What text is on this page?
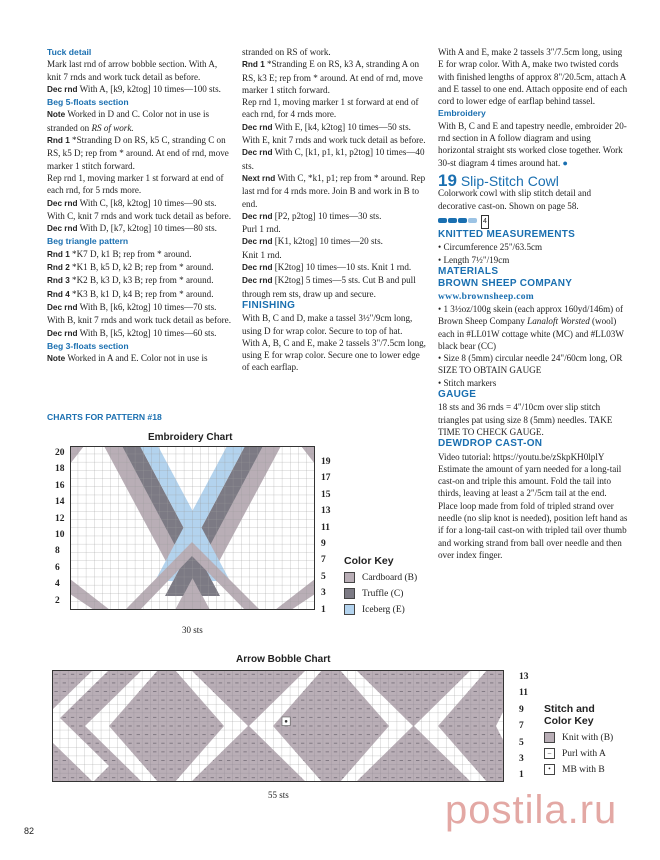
Tuck detail

Mark last rnd of arrow bobble section. With A, knit 7 rnds and work tuck detail as before.

Dec rnd With A, [k9, k2tog] 10 times—100 sts.

Beg 5-floats section

Note Worked in D and C. Color not in use is stranded on RS of work.

Rnd 1 *Stranding D on RS, k5 C, stranding C on RS, k5 D; rep from * around. At end of rnd, move marker 1 stitch forward.

Rep rnd 1, moving marker 1 st forward at end of each rnd, for 5 rnds more.

Dec rnd With C, [k8, k2tog] 10 times—90 sts. With C, knit 7 rnds and work tuck detail as before.

Dec rnd With D, [k7, k2tog] 10 times—80 sts.

Beg triangle pattern

Rnd 1 *K7 D, k1 B; rep from * around.

Rnd 2 *K1 B, k5 D, k2 B; rep from * around.

Rnd 3 *K2 B, k3 D, k3 B; rep from * around.

Rnd 4 *K3 B, k1 D, k4 B; rep from * around.

Dec rnd With B, [k6, k2tog] 10 times—70 sts. With B, knit 7 rnds and work tuck detail as before.

Dec rnd With B, [k5, k2tog] 10 times—60 sts.

Beg 3-floats section

Note Worked in A and E. Color not in use is

stranded on RS of work.

Rnd 1 *Stranding E on RS, k3 A, stranding A on RS, k3 E; rep from * around. At end of rnd, move marker 1 stitch forward.

Rep rnd 1, moving marker 1 st forward at end of each rnd, for 4 rnds more.

Dec rnd With E, [k4, k2tog] 10 times—50 sts. With E, knit 7 rnds and work tuck detail as before.

Dec rnd With C, [k1, p1, k1, p2tog] 10 times—40 sts.

Next rnd With C, *k1, p1; rep from * around. Rep last rnd for 4 rnds more. Join B and work in B to end.

Dec rnd [P2, p2tog] 10 times—30 sts.

Purl 1 rnd.

Dec rnd [K1, k2tog] 10 times—20 sts.

Knit 1 rnd.

Dec rnd [K2tog] 10 times—10 sts. Knit 1 rnd.

Dec rnd [K2tog] 5 times—5 sts. Cut B and pull through rem sts, draw up and secure.

FINISHING

With B, C and D, make a tassel 3½"/9cm long, using D for wrap color. Secure to top of hat.

With A, B, C and E, make 2 tassels 3"/7.5cm long, using E for wrap color. Secure one to lower edge of each earflap.

With A and E, make 2 tassels 3"/7.5cm long, using E for wrap color. With A, make two twisted cords with finished lengths of approx 8"/20.5cm, attach A and E tassel to one end. Attach opposite end of each cord to lower edge of earflap behind tassel.

Embroidery

With B, C and E and tapestry needle, embroider 20-rnd section in A follow diagram and using horizontal straight sts worked close together. Work 30-st diagram 4 times around hat. ●

19 Slip-Stitch Cowl

Colorwork cowl with slip stitch detail and decorative cast-on. Shown on page 58.

4

KNITTED MEASUREMENTS

• Circumference 25"/63.5cm

• Length 7½"/19cm

MATERIALS

BROWN SHEEP COMPANY

www.brownsheep.com

• 1 3½oz/100g skein (each approx 160yd/146m) of Brown Sheep Company Lanaloft Worsted (wool) each in #LL01W cottage white (MC) and #LL03W black bear (CC)

• Size 8 (5mm) circular needle 24"/60cm long, OR SIZE TO OBTAIN GAUGE

• Stitch markers

GAUGE

18 sts and 36 rnds = 4"/10cm over slip stitch triangles pat using size 8 (5mm) needles. TAKE TIME TO CHECK GAUGE.

DEWDROP CAST-ON

Video tutorial: https://youtu.be/zSkpKH0lplY Estimate the amount of yarn needed for a long-tail cast-on and triple this amount. Fold the tail into thirds, leaving at least a 2"/5cm tail at the end. Place loop made from fold of tripled strand over needle (no slip knot is needed), position left hand as if for a long-tail cast-on with tripled tail over thumb and working strand from ball over needle and then over index finger.

CHARTS FOR PATTERN #18
Embroidery Chart
20
18
16
14
12
10
8
6
4
2
19
17
15
13
11
9
7
5
3
1
30 sts
Color Key
Cardboard (B)
Truffle (C)
Iceberg (E)
Arrow Bobble Chart
13
11
9
7
5
3
1
55 sts
Stitch and
Color Key
Knit with (B)
–	Purl with A
•	MB with B
82	postila.ru
